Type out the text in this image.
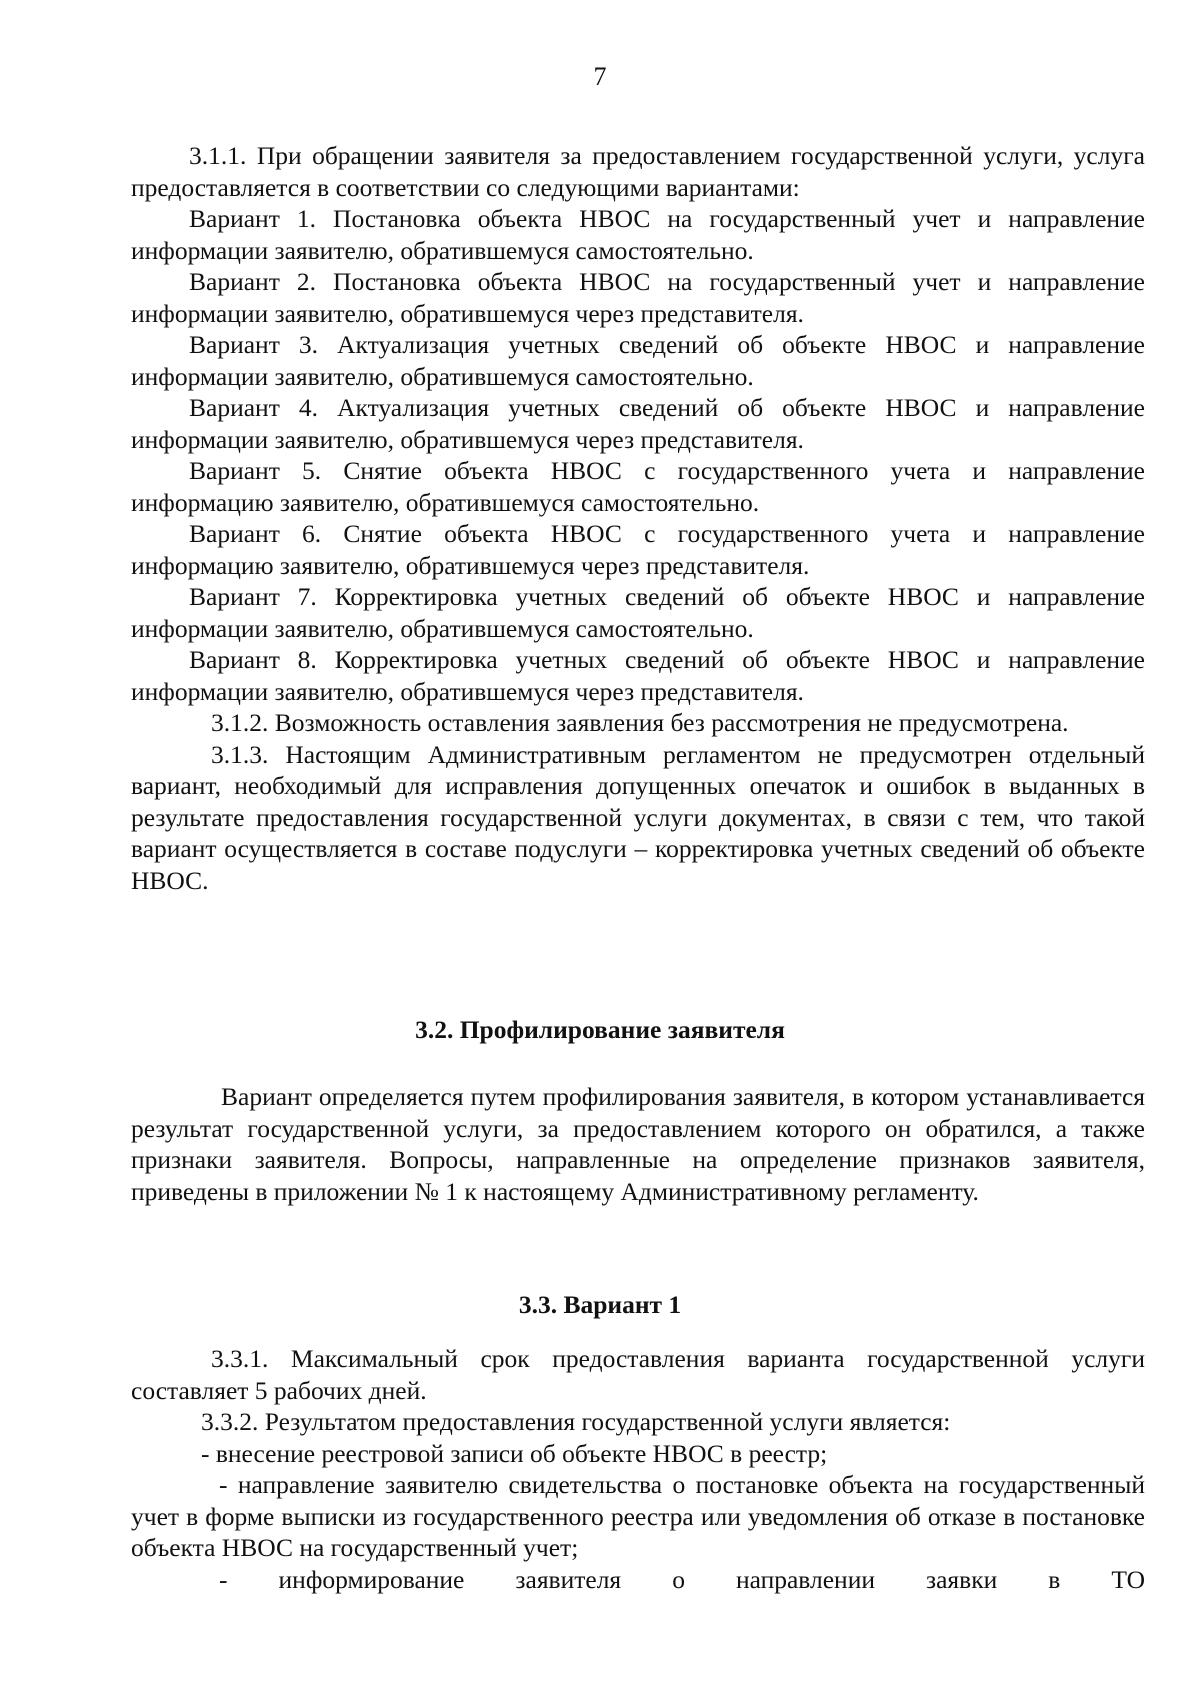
7

3.1.1. При обращении заявителя за предоставлением государственной услуги, услуга предоставляется в соответствии со следующими вариантами:

Вариант 1. Постановка объекта НВОС на государственный учет и направление информации заявителю, обратившемуся самостоятельно.

Вариант 2. Постановка объекта НВОС на государственный учет и направление информации заявителю, обратившемуся через представителя.

Вариант 3. Актуализация учетных сведений об объекте НВОС и направление информации заявителю, обратившемуся самостоятельно.

Вариант 4. Актуализация учетных сведений об объекте НВОС и направление информации заявителю, обратившемуся через представителя.

Вариант 5. Снятие объекта НВОС с государственного учета и направление информацию заявителю, обратившемуся самостоятельно.

Вариант 6. Снятие объекта НВОС с государственного учета и направление информацию заявителю, обратившемуся через представителя.

Вариант 7. Корректировка учетных сведений об объекте НВОС и направление информации заявителю, обратившемуся самостоятельно.

Вариант 8. Корректировка учетных сведений об объекте НВОС и направление информации заявителю, обратившемуся через представителя.

3.1.2. Возможность оставления заявления без рассмотрения не предусмотрена.

3.1.3. Настоящим Административным регламентом не предусмотрен отдельный вариант, необходимый для исправления допущенных опечаток и ошибок в выданных в результате предоставления государственной услуги документах, в связи с тем, что такой вариант осуществляется в составе подуслуги – корректировка учетных сведений об объекте НВОС.

3.2. Профилирование заявителя

Вариант определяется путем профилирования заявителя, в котором устанавливается результат государственной услуги, за предоставлением которого он обратился, а также признаки заявителя. Вопросы, направленные на определение признаков заявителя, приведены в приложении № 1 к настоящему Административному регламенту.

3.3. Вариант 1

3.3.1. Максимальный срок предоставления варианта государственной услуги составляет 5 рабочих дней.

3.3.2. Результатом предоставления государственной услуги является:

- внесение реестровой записи об объекте НВОС в реестр;

- направление заявителю свидетельства о постановке объекта на государственный учет в форме выписки из государственного реестра или уведомления об отказе в постановке объекта НВОС на государственный учет;

- информирование заявителя о направлении заявки в ТО
